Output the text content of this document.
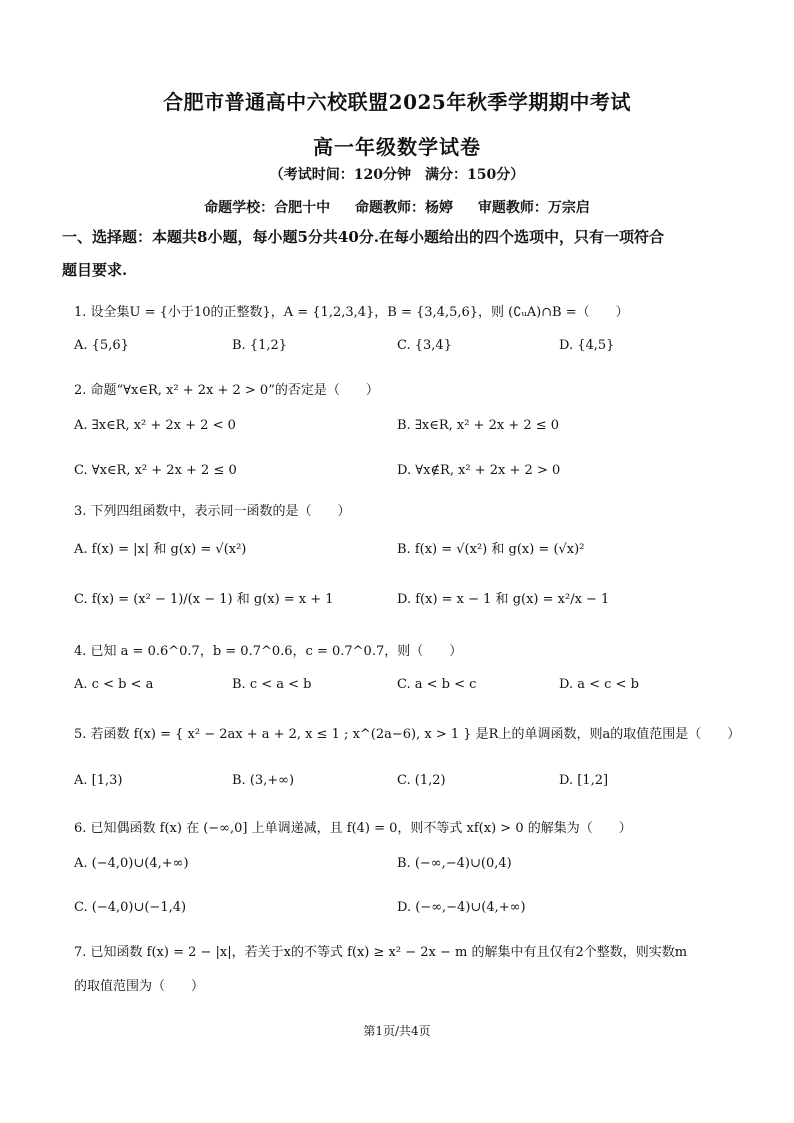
合肥市普通高中六校联盟2025年秋季学期期中考试
高一年级数学试卷
（考试时间：120分钟　满分：150分）
命题学校：合肥十中 命题教师：杨婷 审题教师：万宗启
一、选择题：本题共8小题，每小题5分共40分.在每小题给出的四个选项中，只有一项符合
题目要求.
1. 设全集U = {小于10的正整数}，A = {1,2,3,4}，B = {3,4,5,6}，则 (∁ᵤA)∩B =（　　）
A. {5,6}	B. {1,2}	C. {3,4}	D. {4,5}
2. 命题“∀x∈R, x² + 2x + 2 > 0”的否定是（　　）
A. ∃x∈R, x² + 2x + 2 < 0	B. ∃x∈R, x² + 2x + 2 ≤ 0
C. ∀x∈R, x² + 2x + 2 ≤ 0	D. ∀x∉R, x² + 2x + 2 > 0
3. 下列四组函数中，表示同一函数的是（　　）
A. f(x) = |x| 和 g(x) = √(x²)	B. f(x) = √(x²) 和 g(x) = (√x)²
C. f(x) = (x² − 1)/(x − 1) 和 g(x) = x + 1	D. f(x) = x − 1 和 g(x) = x²/x − 1
4. 已知 a = 0.6^0.7，b = 0.7^0.6，c = 0.7^0.7，则（　　）
A. c < b < a	B. c < a < b	C. a < b < c	D. a < c < b
5. 若函数 f(x) = { x² − 2ax + a + 2, x ≤ 1 ; x^(2a−6), x > 1 } 是R上的单调函数，则a的取值范围是（　　）
A. [1,3)	B. (3,+∞)	C. (1,2)	D. [1,2]
6. 已知偶函数 f(x) 在 (−∞,0] 上单调递减，且 f(4) = 0，则不等式 xf(x) > 0 的解集为（　　）
A. (−4,0)∪(4,+∞)	B. (−∞,−4)∪(0,4)
C. (−4,0)∪(−1,4)	D. (−∞,−4)∪(4,+∞)
7. 已知函数 f(x) = 2 − |x|，若关于x的不等式 f(x) ≥ x² − 2x − m 的解集中有且仅有2个整数，则实数m
的取值范围为（　　）
第1页/共4页
